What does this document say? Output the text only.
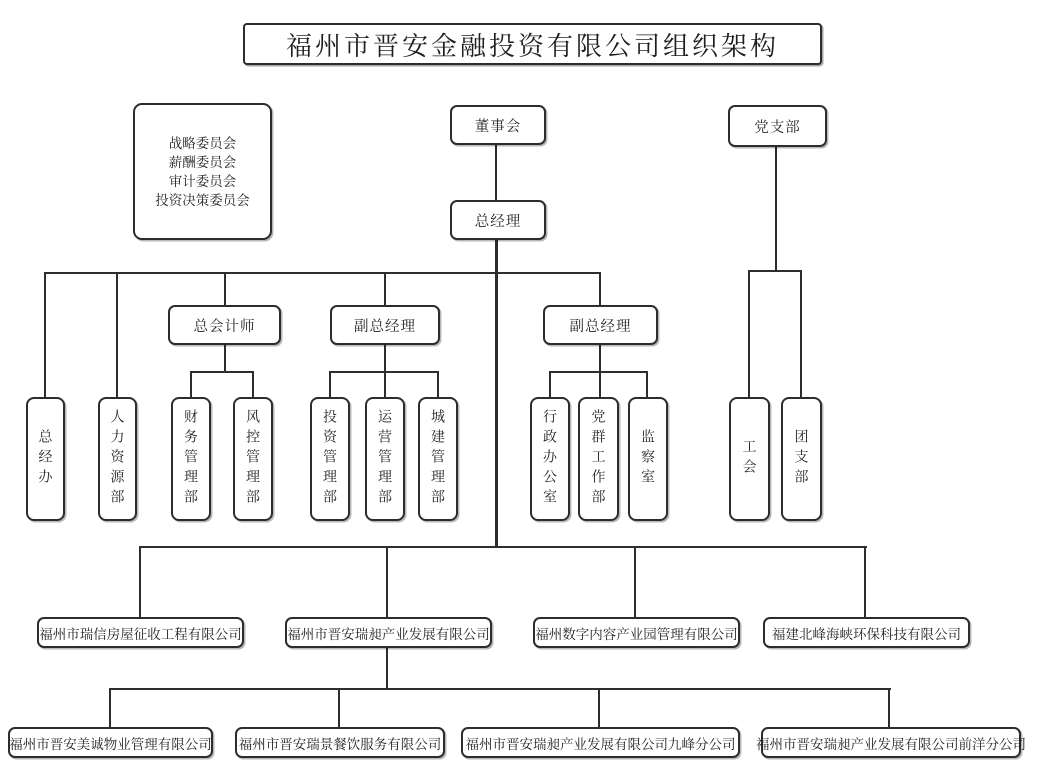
福州市晋安金融投资有限公司组织架构
战略委员会
薪酬委员会
审计委员会
投资决策委员会
董事会
总经理
党支部
总会计师	副总经理	副总经理
总经办	人力资源部	财务管理部	风控管理部	投资管理部	运营管理部	城建管理部	行政办公室	党群工作部	监察室	工会	团支部
福州市瑞信房屋征收工程有限公司	福州市晋安瑞昶产业发展有限公司	福州数字内容产业园管理有限公司	福建北峰海峡环保科技有限公司
福州市晋安美诚物业管理有限公司 福州市晋安瑞景餐饮服务有限公司	福州市晋安瑞昶产业发展有限公司九峰分公司	福州市晋安瑞昶产业发展有限公司前洋分公司
